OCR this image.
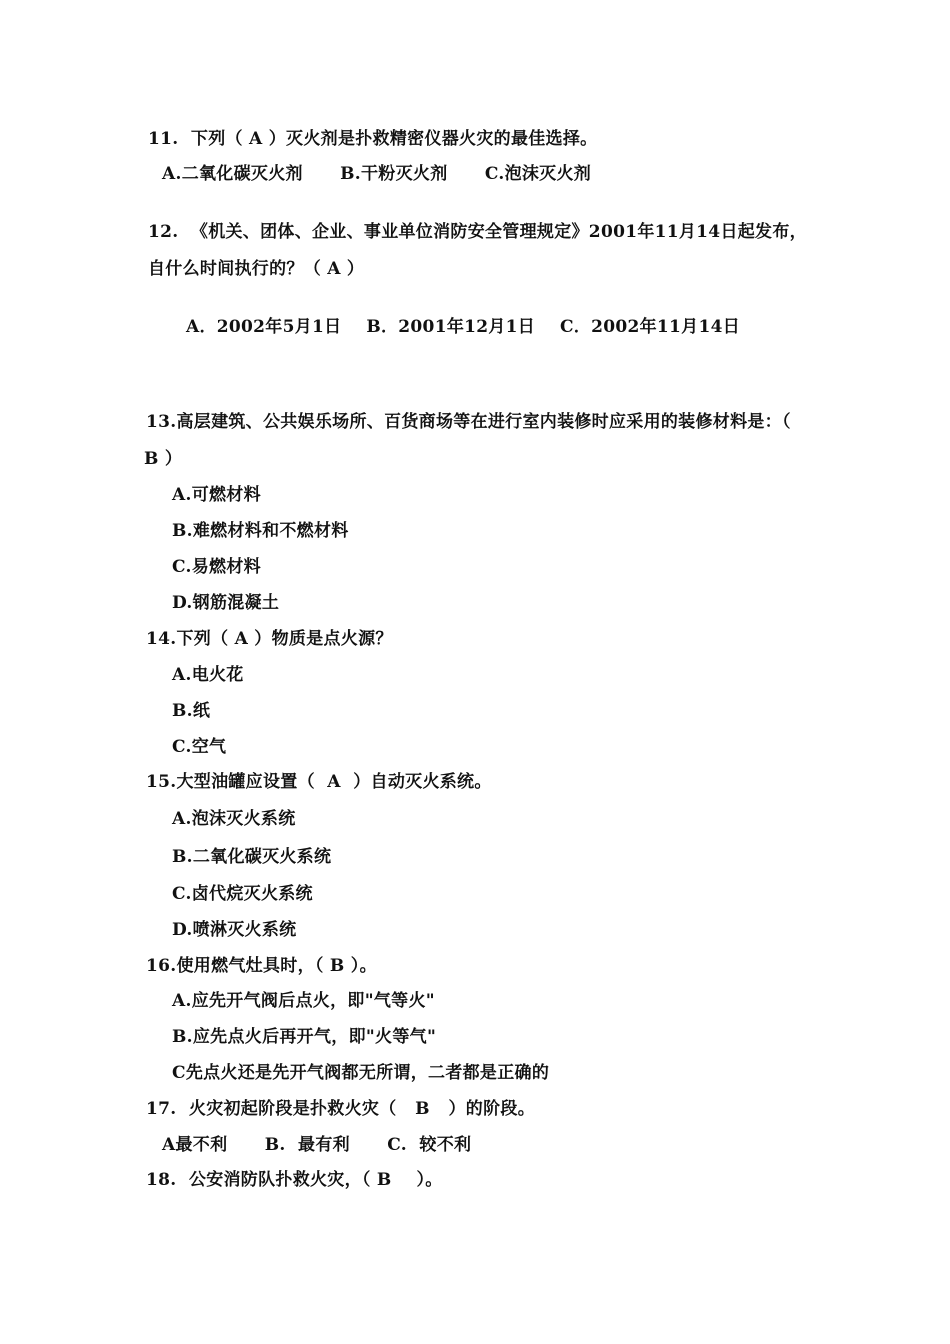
11.  下列（ A ）灭火剂是扑救精密仪器火灾的最佳选择。
A.二氧化碳灭火剂      B.干粉灭火剂      C.泡沫灭火剂
12.  《机关、团体、企业、事业单位消防安全管理规定》2001年11月14日起发布，
自什么时间执行的？（ A ）
A．2002年5月1日    B．2001年12月1日    C．2002年11月14日
13.高层建筑、公共娱乐场所、百货商场等在进行室内装修时应采用的装修材料是：（
B ）
A.可燃材料
B.难燃材料和不燃材料
C.易燃材料
D.钢筋混凝土
14.下列（ A ）物质是点火源？
A.电火花
B.纸
C.空气
15.大型油罐应设置（  A  ）自动灭火系统。
A.泡沫灭火系统
B.二氧化碳灭火系统
C.卤代烷灭火系统
D.喷淋灭火系统
16.使用燃气灶具时，（ B ）。
A.应先开气阀后点火，即"气等火"
B.应先点火后再开气，即"火等气"
C先点火还是先开气阀都无所谓，二者都是正确的
17.  火灾初起阶段是扑救火灾（   B   ）的阶段。
A最不利      B.  最有利      C.  较不利
18.  公安消防队扑救火灾，（ B    ）。
